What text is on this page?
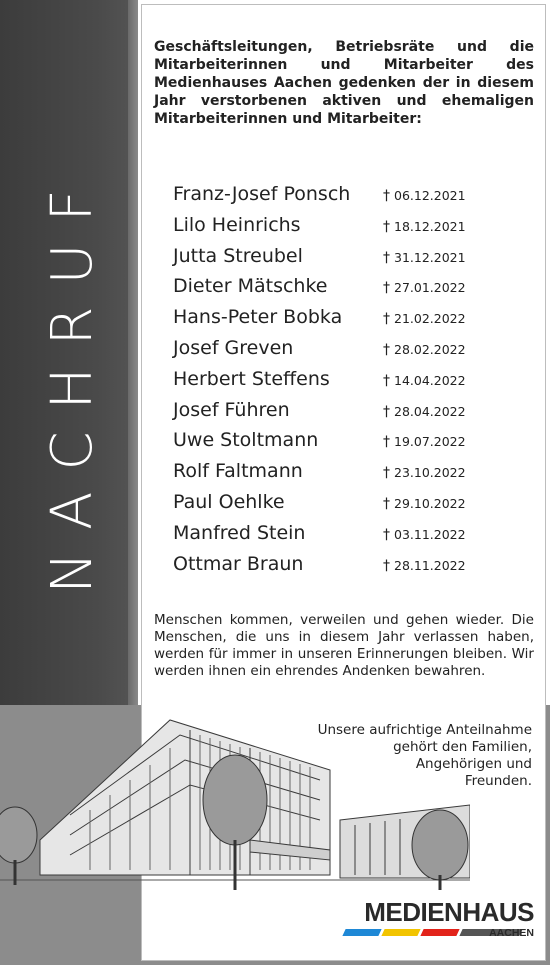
NACHRUF
Geschäftsleitungen, Betriebsräte und die Mitarbeiterinnen und Mitarbeiter des Medienhauses Aachen gedenken der in diesem Jahr verstorbenen aktiven und ehemaligen Mitarbeiterinnen und Mitarbeiter:
Franz-Josef Ponsch † 06.12.2021
Lilo Heinrichs	† 18.12.2021
Jutta Streubel	† 31.12.2021
Dieter Mätschke	† 27.01.2022
Hans-Peter Bobka	† 21.02.2022
Josef Greven	† 28.02.2022
Herbert Steffens	† 14.04.2022
Josef Führen	† 28.04.2022
Uwe Stoltmann	† 19.07.2022
Rolf Faltmann	† 23.10.2022
Paul Oehlke	† 29.10.2022
Manfred Stein	† 03.11.2022
Ottmar Braun	† 28.11.2022
Menschen kommen, verweilen und gehen wieder. Die Menschen, die uns in diesem Jahr verlassen haben, werden für immer in unseren Erinnerungen bleiben. Wir werden ihnen ein ehrendes Andenken bewahren.
Unsere aufrichtige Anteilnahme
gehört den Familien,
Angehörigen und
Freunden.
MEDIENHAUS
AACHEN
